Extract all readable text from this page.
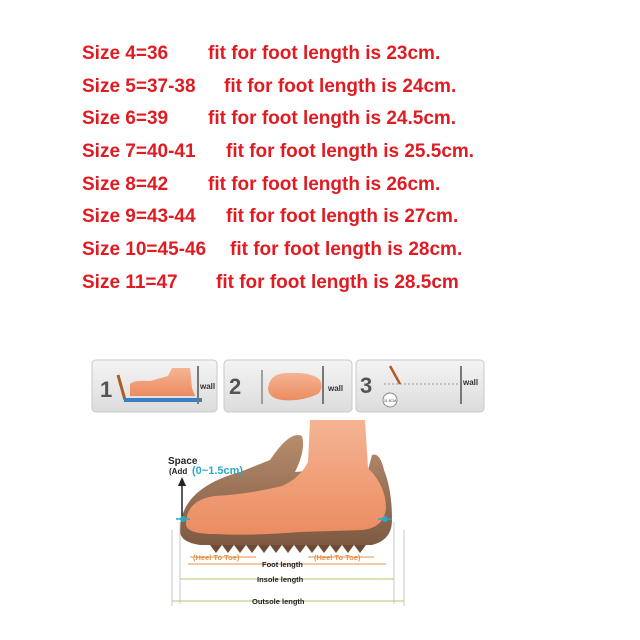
Size 4=36 fit for foot length is 23cm.
Size 5=37-38 fit for foot length is 24cm.
Size 6=39 fit for foot length is 24.5cm.
Size 7=40-41 fit for foot length is 25.5cm.
Size 8=42 fit for foot length is 26cm.
Size 9=43-44 fit for foot length is 27cm.
Size 10=45-46 fit for foot length is 28cm.
Size 11=47 fit for foot length is 28.5cm
1	wall 2	wall 3	wall
11.5CM
Space
(Add (0~1.5cm)
(Heel To Toe)	(Heel To Toe)
Foot length
Insole length
Outsole length
